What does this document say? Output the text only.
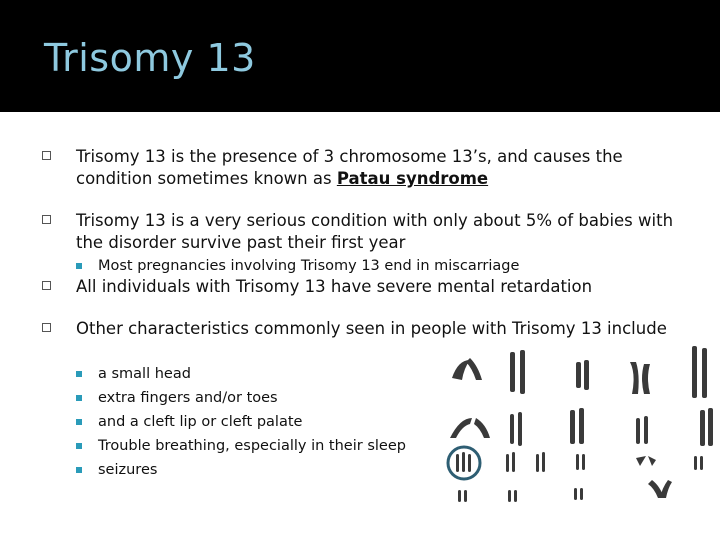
Trisomy 13
Trisomy 13 is the presence of 3 chromosome 13’s, and causes the condition sometimes known as Patau syndrome
Trisomy 13 is a very serious condition with only about 5% of babies with the disorder survive past their first year
Most pregnancies involving Trisomy 13 end in miscarriage
All individuals with Trisomy 13 have severe mental retardation
Other characteristics commonly seen in people with Trisomy 13 include
a small head
extra fingers and/or toes
and a cleft lip or cleft palate
Trouble breathing, especially in their sleep
seizures
